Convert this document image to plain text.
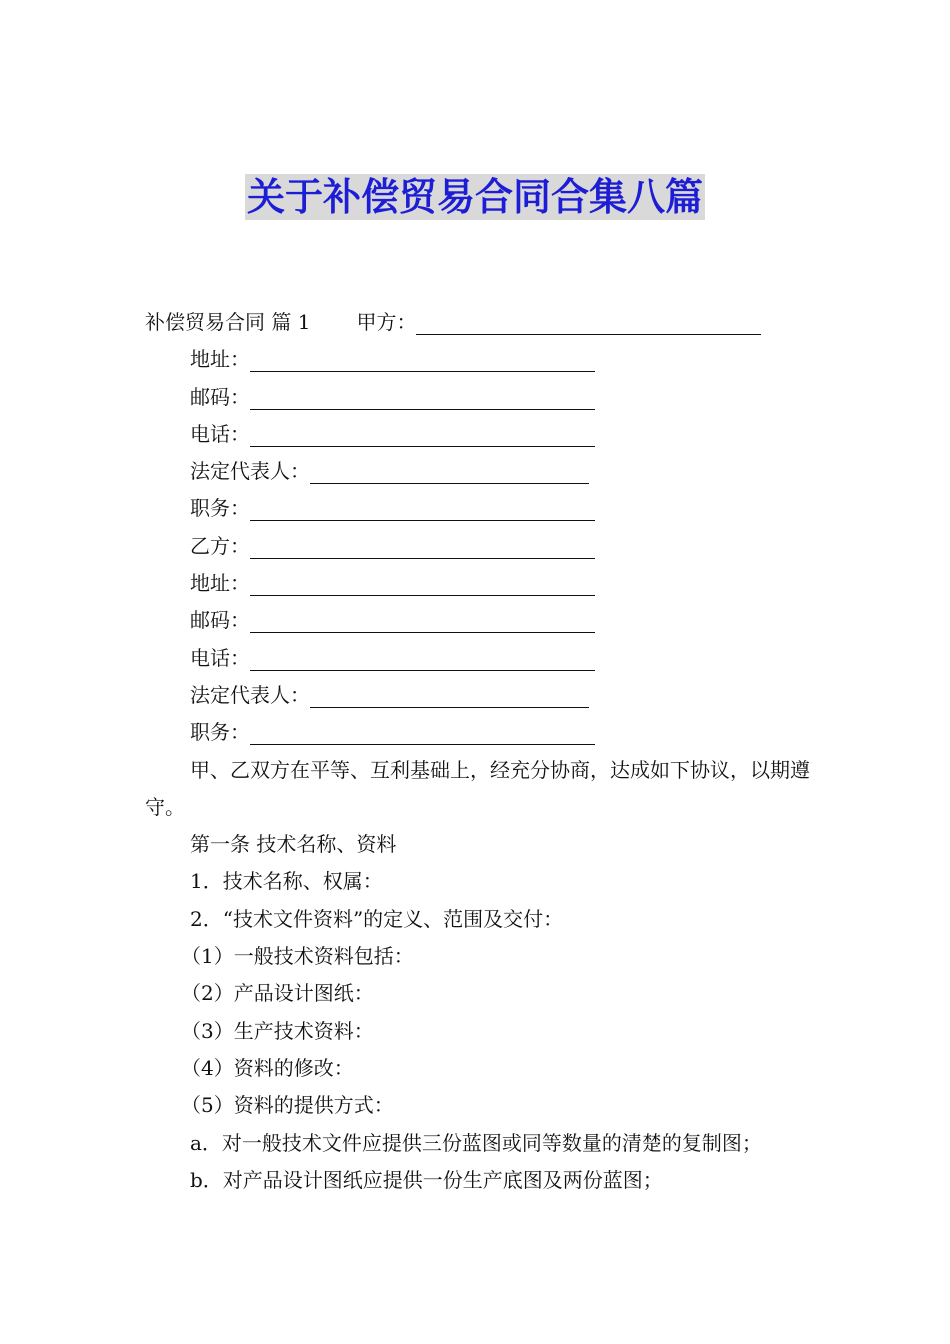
关于补偿贸易合同合集八篇
补偿贸易合同 篇 1 甲方：
地址：
邮码：
电话：
法定代表人：
职务：
乙方：
地址：
邮码：
电话：
法定代表人：
职务：
甲、乙双方在平等、互利基础上，经充分协商，达成如下协议，以期遵守。
第一条 技术名称、资料
1．技术名称、权属：
2．“技术文件资料”的定义、范围及交付：
（1）一般技术资料包括：
（2）产品设计图纸：
（3）生产技术资料：
（4）资料的修改：
（5）资料的提供方式：
a．对一般技术文件应提供三份蓝图或同等数量的清楚的复制图；
b．对产品设计图纸应提供一份生产底图及两份蓝图；
